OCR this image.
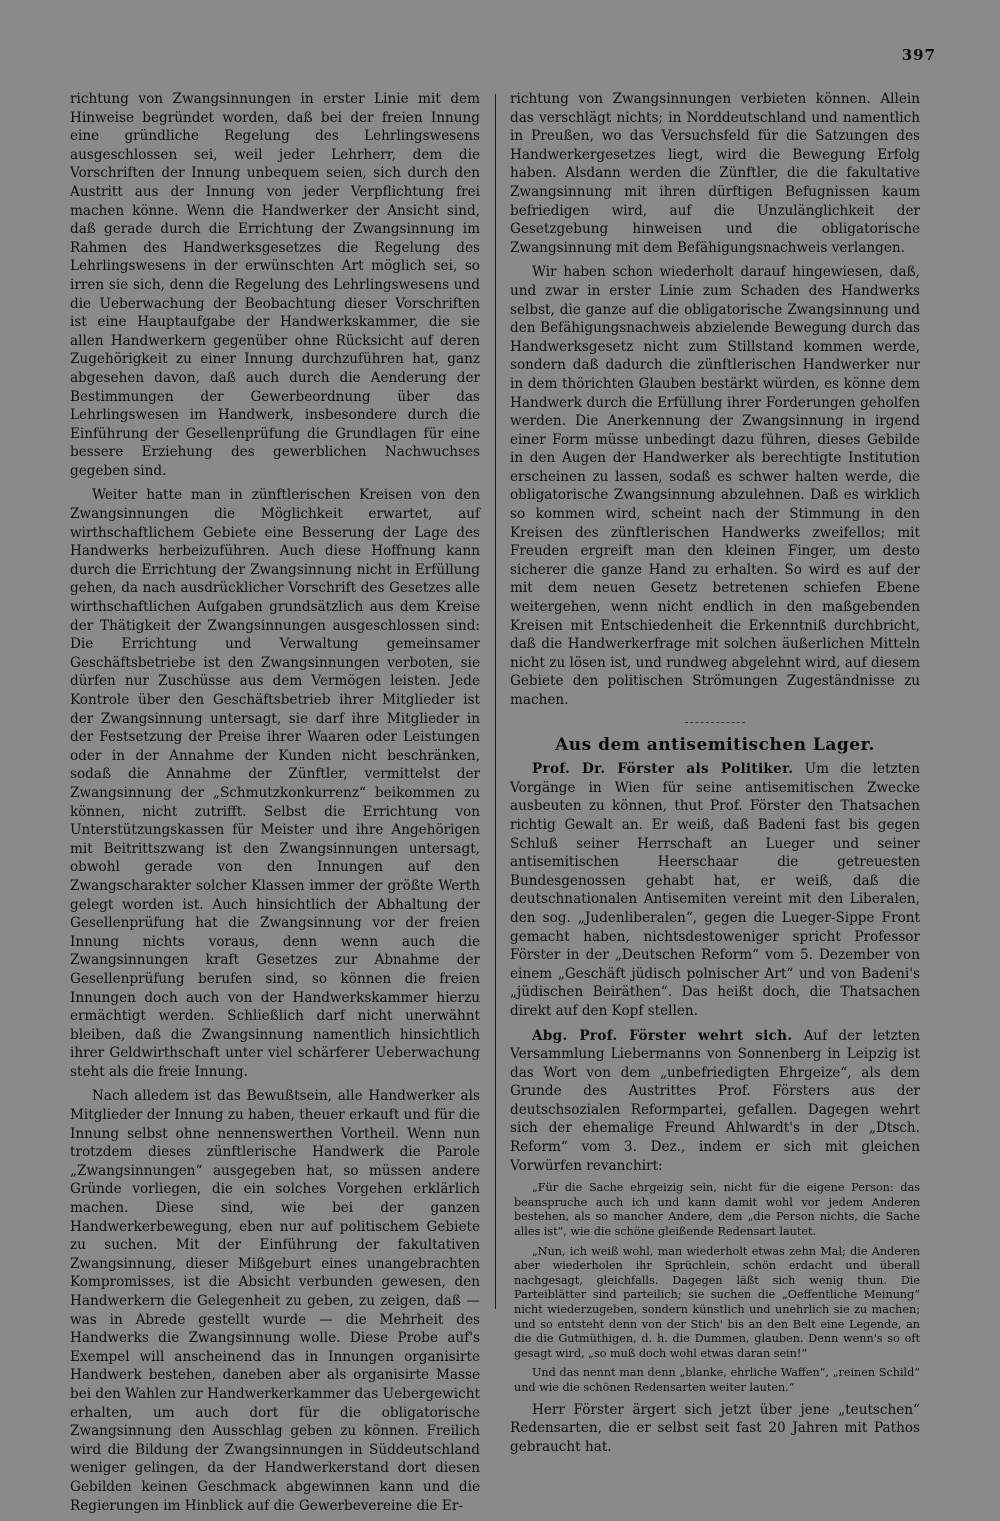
397

richtung von Zwangsinnungen in erster Linie mit dem Hinweise begründet worden, daß bei der freien Innung eine gründliche Regelung des Lehrlingswesens ausgeschlossen sei, weil jeder Lehrherr, dem die Vorschriften der Innung unbequem seien, sich durch den Austritt aus der Innung von jeder Verpflichtung frei machen könne. Wenn die Handwerker der Ansicht sind, daß gerade durch die Errichtung der Zwangsinnung im Rahmen des Handwerksgesetzes die Regelung des Lehrlingswesens in der erwünschten Art möglich sei, so irren sie sich, denn die Regelung des Lehrlingswesens und die Ueberwachung der Beobachtung dieser Vorschriften ist eine Hauptaufgabe der Handwerkskammer, die sie allen Handwerkern gegenüber ohne Rücksicht auf deren Zugehörigkeit zu einer Innung durchzuführen hat, ganz abgesehen davon, daß auch durch die Aenderung der Bestimmungen der Gewerbeordnung über das Lehrlingswesen im Handwerk, insbesondere durch die Einführung der Gesellenprüfung die Grundlagen für eine bessere Erziehung des gewerblichen Nachwuchses gegeben sind.

Weiter hatte man in zünftlerischen Kreisen von den Zwangsinnungen die Möglichkeit erwartet, auf wirthschaftlichem Gebiete eine Besserung der Lage des Handwerks herbeizuführen. Auch diese Hoffnung kann durch die Errichtung der Zwangsinnung nicht in Erfüllung gehen, da nach ausdrücklicher Vorschrift des Gesetzes alle wirthschaftlichen Aufgaben grundsätzlich aus dem Kreise der Thätigkeit der Zwangsinnungen ausgeschlossen sind: Die Errichtung und Verwaltung gemeinsamer Geschäftsbetriebe ist den Zwangsinnungen verboten, sie dürfen nur Zuschüsse aus dem Vermögen leisten. Jede Kontrole über den Geschäftsbetrieb ihrer Mitglieder ist der Zwangsinnung untersagt, sie darf ihre Mitglieder in der Festsetzung der Preise ihrer Waaren oder Leistungen oder in der Annahme der Kunden nicht beschränken, sodaß die Annahme der Zünftler, vermittelst der Zwangsinnung der „Schmutzkonkurrenz“ beikommen zu können, nicht zutrifft. Selbst die Errichtung von Unterstützungskassen für Meister und ihre Angehörigen mit Beitrittszwang ist den Zwangsinnungen untersagt, obwohl gerade von den Innungen auf den Zwangscharakter solcher Klassen immer der größte Werth gelegt worden ist. Auch hinsichtlich der Abhaltung der Gesellenprüfung hat die Zwangsinnung vor der freien Innung nichts voraus, denn wenn auch die Zwangsinnungen kraft Gesetzes zur Abnahme der Gesellenprüfung berufen sind, so können die freien Innungen doch auch von der Handwerkskammer hierzu ermächtigt werden. Schließlich darf nicht unerwähnt bleiben, daß die Zwangsinnung namentlich hinsichtlich ihrer Geldwirthschaft unter viel schärferer Ueberwachung steht als die freie Innung.

Nach alledem ist das Bewußtsein, alle Handwerker als Mitglieder der Innung zu haben, theuer erkauft und für die Innung selbst ohne nennenswerthen Vortheil. Wenn nun trotzdem dieses zünftlerische Handwerk die Parole „Zwangsinnungen“ ausgegeben hat, so müssen andere Gründe vorliegen, die ein solches Vorgehen erklärlich machen. Diese sind, wie bei der ganzen Handwerkerbewegung, eben nur auf politischem Gebiete zu suchen. Mit der Einführung der fakultativen Zwangsinnung, dieser Mißgeburt eines unangebrachten Kompromisses, ist die Absicht verbunden gewesen, den Handwerkern die Gelegenheit zu geben, zu zeigen, daß — was in Abrede gestellt wurde — die Mehrheit des Handwerks die Zwangsinnung wolle. Diese Probe auf's Exempel will anscheinend das in Innungen organisirte Handwerk bestehen, daneben aber als organisirte Masse bei den Wahlen zur Handwerkerkammer das Uebergewicht erhalten, um auch dort für die obligatorische Zwangsinnung den Ausschlag geben zu können. Freilich wird die Bildung der Zwangsinnungen in Süddeutschland weniger gelingen, da der Handwerkerstand dort diesen Gebilden keinen Geschmack abgewinnen kann und die Regierungen im Hinblick auf die Gewerbevereine die Er-

richtung von Zwangsinnungen verbieten können. Allein das verschlägt nichts; in Norddeutschland und namentlich in Preußen, wo das Versuchsfeld für die Satzungen des Handwerkergesetzes liegt, wird die Bewegung Erfolg haben. Alsdann werden die Zünftler, die die fakultative Zwangsinnung mit ihren dürftigen Befugnissen kaum befriedigen wird, auf die Unzulänglichkeit der Gesetzgebung hinweisen und die obligatorische Zwangsinnung mit dem Befähigungsnachweis verlangen.

Wir haben schon wiederholt darauf hingewiesen, daß, und zwar in erster Linie zum Schaden des Handwerks selbst, die ganze auf die obligatorische Zwangsinnung und den Befähigungsnachweis abzielende Bewegung durch das Handwerksgesetz nicht zum Stillstand kommen werde, sondern daß dadurch die zünftlerischen Handwerker nur in dem thörichten Glauben bestärkt würden, es könne dem Handwerk durch die Erfüllung ihrer Forderungen geholfen werden. Die Anerkennung der Zwangsinnung in irgend einer Form müsse unbedingt dazu führen, dieses Gebilde in den Augen der Handwerker als berechtigte Institution erscheinen zu lassen, sodaß es schwer halten werde, die obligatorische Zwangsinnung abzulehnen. Daß es wirklich so kommen wird, scheint nach der Stimmung in den Kreisen des zünftlerischen Handwerks zweifellos; mit Freuden ergreift man den kleinen Finger, um desto sicherer die ganze Hand zu erhalten. So wird es auf der mit dem neuen Gesetz betretenen schiefen Ebene weitergehen, wenn nicht endlich in den maßgebenden Kreisen mit Entschiedenheit die Erkenntniß durchbricht, daß die Handwerkerfrage mit solchen äußerlichen Mitteln nicht zu lösen ist, und rundweg abgelehnt wird, auf diesem Gebiete den politischen Strömungen Zugeständnisse zu machen.

Aus dem antisemitischen Lager.

Prof. Dr. Förster als Politiker. Um die letzten Vorgänge in Wien für seine antisemitischen Zwecke ausbeuten zu können, thut Prof. Förster den Thatsachen richtig Gewalt an. Er weiß, daß Badeni fast bis gegen Schluß seiner Herrschaft an Lueger und seiner antisemitischen Heerschaar die getreuesten Bundesgenossen gehabt hat, er weiß, daß die deutschnationalen Antisemiten vereint mit den Liberalen, den sog. „Judenliberalen“, gegen die Lueger-Sippe Front gemacht haben, nichtsdestoweniger spricht Professor Förster in der „Deutschen Reform“ vom 5. Dezember von einem „Geschäft jüdisch polnischer Art“ und von Badeni's „jüdischen Beiräthen“. Das heißt doch, die Thatsachen direkt auf den Kopf stellen.

Abg. Prof. Förster wehrt sich. Auf der letzten Versammlung Liebermanns von Sonnenberg in Leipzig ist das Wort von dem „unbefriedigten Ehrgeize“, als dem Grunde des Austrittes Prof. Försters aus der deutschsozialen Reformpartei, gefallen. Dagegen wehrt sich der ehemalige Freund Ahlwardt's in der „Dtsch. Reform“ vom 3. Dez., indem er sich mit gleichen Vorwürfen revanchirt:

„Für die Sache ehrgeizig sein, nicht für die eigene Person: das beanspruche auch ich und kann damit wohl vor jedem Anderen bestehen, als so mancher Andere, dem „die Person nichts, die Sache alles ist“, wie die schöne gleißende Redensart lautet.

„Nun, ich weiß wohl, man wiederholt etwas zehn Mal; die Anderen aber wiederholen ihr Sprüchlein, schön erdacht und überall nachgesagt, gleichfalls. Dagegen läßt sich wenig thun. Die Parteiblätter sind parteilich; sie suchen die „Oeffentliche Meinung“ nicht wiederzugeben, sondern künstlich und unehrlich sie zu machen; und so entsteht denn von der Stich' bis an den Belt eine Legende, an die die Gutmüthigen, d. h. die Dummen, glauben. Denn wenn's so oft gesagt wird, „so muß doch wohl etwas daran sein!“

Und das nennt man denn „blanke, ehrliche Waffen“, „reinen Schild“ und wie die schönen Redensarten weiter lauten.“

Herr Förster ärgert sich jetzt über jene „teutschen“ Redensarten, die er selbst seit fast 20 Jahren mit Pathos gebraucht hat.
